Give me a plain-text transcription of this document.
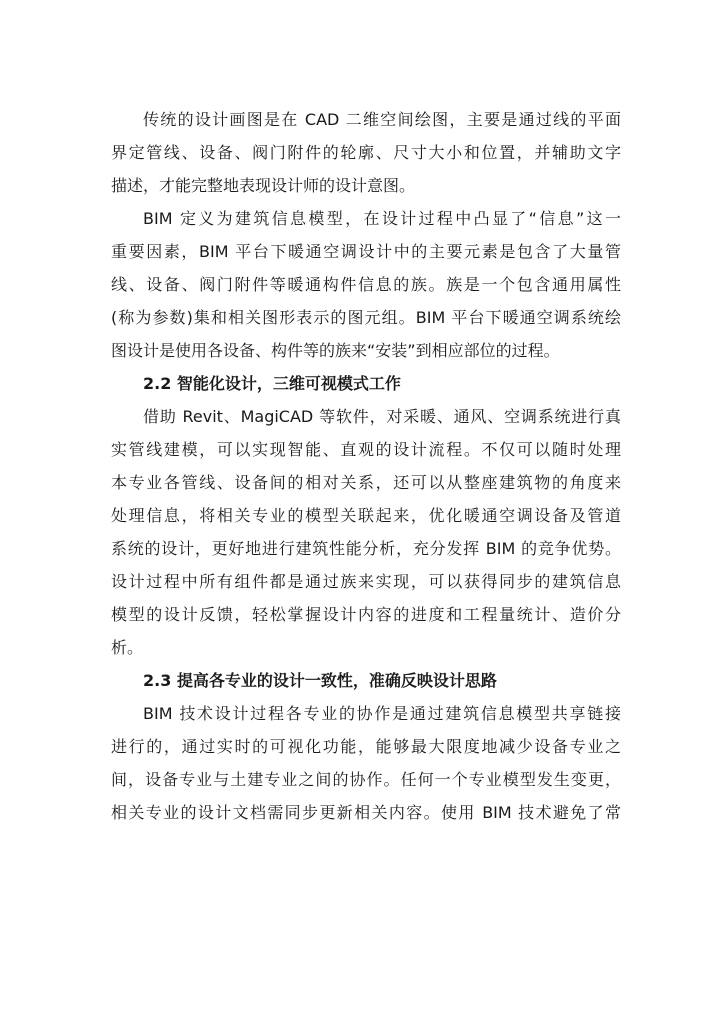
传统的设计画图是在 CAD 二维空间绘图，主要是通过线的平面
界定管线、设备、阀门附件的轮廓、尺寸大小和位置，并辅助文字
描述，才能完整地表现设计师的设计意图。
BIM 定义为建筑信息模型，在设计过程中凸显了“信息”这一
重要因素，BIM 平台下暖通空调设计中的主要元素是包含了大量管
线、设备、阀门附件等暖通构件信息的族。族是一个包含通用属性
(称为参数)集和相关图形表示的图元组。BIM 平台下暖通空调系统绘
图设计是使用各设备、构件等的族来“安装”到相应部位的过程。
2.2 智能化设计，三维可视模式工作
借助 Revit、MagiCAD 等软件，对采暖、通风、空调系统进行真
实管线建模，可以实现智能、直观的设计流程。不仅可以随时处理
本专业各管线、设备间的相对关系，还可以从整座建筑物的角度来
处理信息，将相关专业的模型关联起来，优化暖通空调设备及管道
系统的设计，更好地进行建筑性能分析，充分发挥 BIM 的竞争优势。
设计过程中所有组件都是通过族来实现，可以获得同步的建筑信息
模型的设计反馈，轻松掌握设计内容的进度和工程量统计、造价分
析。
2.3 提高各专业的设计一致性，准确反映设计思路
BIM 技术设计过程各专业的协作是通过建筑信息模型共享链接
进行的，通过实时的可视化功能，能够最大限度地减少设备专业之
间，设备专业与土建专业之间的协作。任何一个专业模型发生变更，
相关专业的设计文档需同步更新相关内容。使用 BIM 技术避免了常
